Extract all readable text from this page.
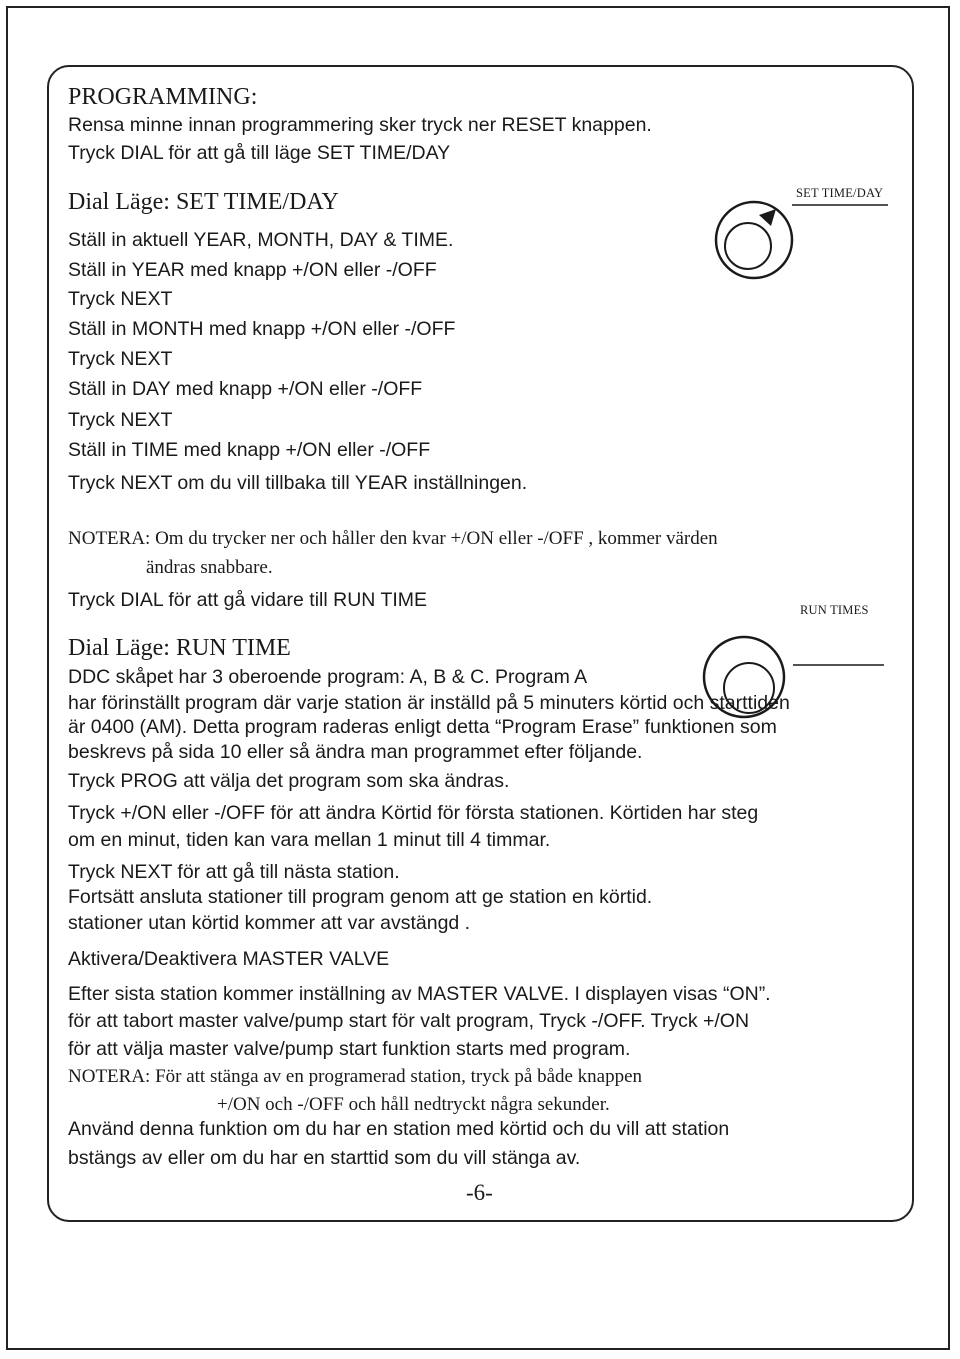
PROGRAMMING:

Rensa minne innan programmering sker tryck ner RESET knappen.

Tryck DIAL för att gå till läge SET TIME/DAY

Dial Läge: SET TIME/DAY	SET TIME/DAY

Ställ in aktuell YEAR, MONTH, DAY & TIME.

Ställ in YEAR med knapp +/ON eller -/OFF

Tryck NEXT

Ställ in MONTH med knapp +/ON eller -/OFF

Tryck NEXT

Ställ in DAY med knapp +/ON eller -/OFF

Tryck NEXT

Ställ in TIME med knapp +/ON eller -/OFF

Tryck NEXT om du vill tillbaka till YEAR inställningen.

NOTERA: Om du trycker ner och håller den kvar +/ON eller -/OFF , kommer värden

ändras snabbare.

Tryck DIAL för att gå vidare till RUN TIME	RUN TIMES

Dial Läge: RUN TIME

DDC skåpet har 3 oberoende program: A, B & C. Program A

har förinställt program där varje station är inställd på 5 minuters körtid och starttiden

är 0400 (AM). Detta program raderas enligt detta “Program Erase” funktionen som

beskrevs på sida 10 eller så ändra man programmet efter följande.

Tryck PROG att välja det program som ska ändras.

Tryck +/ON eller -/OFF för att ändra Körtid för första stationen. Körtiden har steg

om en minut, tiden kan vara mellan 1 minut till 4 timmar.

Tryck NEXT för att gå till nästa station.

Fortsätt ansluta stationer till program genom att ge station en körtid.

stationer utan körtid kommer att var avstängd .

Aktivera/Deaktivera MASTER VALVE

Efter sista station kommer inställning av MASTER VALVE. I displayen visas “ON”.

för att tabort master valve/pump start för valt program, Tryck -/OFF. Tryck +/ON

för att välja master valve/pump start funktion starts med program.

NOTERA: För att stänga av en programerad station, tryck på både knappen

+/ON och -/OFF och håll nedtryckt några sekunder.

Använd denna funktion om du har en station med körtid och du vill att station

bstängs av eller om du har en starttid som du vill stänga av.

-6-
